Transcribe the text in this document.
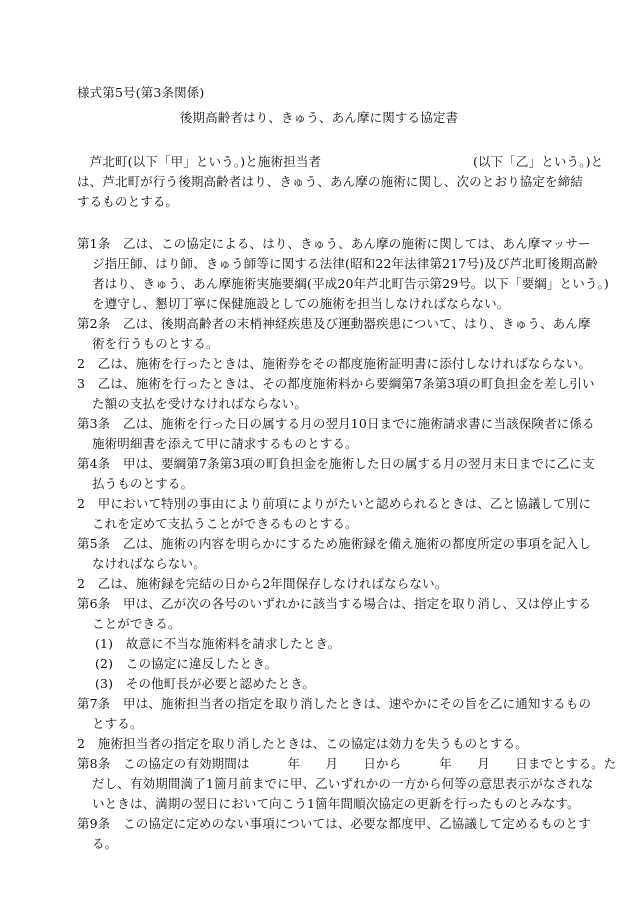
様式第5号(第3条関係)
後期高齢者はり、きゅう、あん摩に関する協定書
　芦北町(以下「甲」という。)と施術担当者　　　　　　　　　　　　(以下「乙」という。)と
は、芦北町が行う後期高齢者はり、きゅう、あん摩の施術に関し、次のとおり協定を締結
するものとする。
第1条　乙は、この協定による、はり、きゅう、あん摩の施術に関しては、あん摩マッサー
ジ指圧師、はり師、きゅう師等に関する法律(昭和22年法律第217号)及び芦北町後期高齢
者はり、きゅう、あん摩施術実施要綱(平成20年芦北町告示第29号。以下「要綱」という。)
を遵守し、懇切丁寧に保健施設としての施術を担当しなければならない。
第2条　乙は、後期高齢者の末梢神経疾患及び運動器疾患について、はり、きゅう、あん摩
術を行うものとする。
2　乙は、施術を行ったときは、施術券をその都度施術証明書に添付しなければならない。
3　乙は、施術を行ったときは、その都度施術料から要綱第7条第3項の町負担金を差し引い
た額の支払を受けなければならない。
第3条　乙は、施術を行った日の属する月の翌月10日までに施術請求書に当該保険者に係る
施術明細書を添えて甲に請求するものとする。
第4条　甲は、要綱第7条第3項の町負担金を施術した日の属する月の翌月末日までに乙に支
払うものとする。
2　甲において特別の事由により前項によりがたいと認められるときは、乙と協議して別に
これを定めて支払うことができるものとする。
第5条　乙は、施術の内容を明らかにするため施術録を備え施術の都度所定の事項を記入し
なければならない。
2　乙は、施術録を完結の日から2年間保存しなければならない。
第6条　甲は、乙が次の各号のいずれかに該当する場合は、指定を取り消し、又は停止する
ことができる。
(1)　故意に不当な施術料を請求したとき。
(2)　この協定に違反したとき。
(3)　その他町長が必要と認めたとき。
第7条　甲は、施術担当者の指定を取り消したときは、速やかにその旨を乙に通知するもの
とする。
2　施術担当者の指定を取り消したときは、この協定は効力を失うものとする。
第8条　この協定の有効期間は　　　年　　月　　日から　　　年　　月　　日までとする。た
だし、有効期間満了1箇月前までに甲、乙いずれかの一方から何等の意思表示がなされな
いときは、満期の翌日において向こう1箇年間順次協定の更新を行ったものとみなす。
第9条　この協定に定めのない事項については、必要な都度甲、乙協議して定めるものとす
る。
